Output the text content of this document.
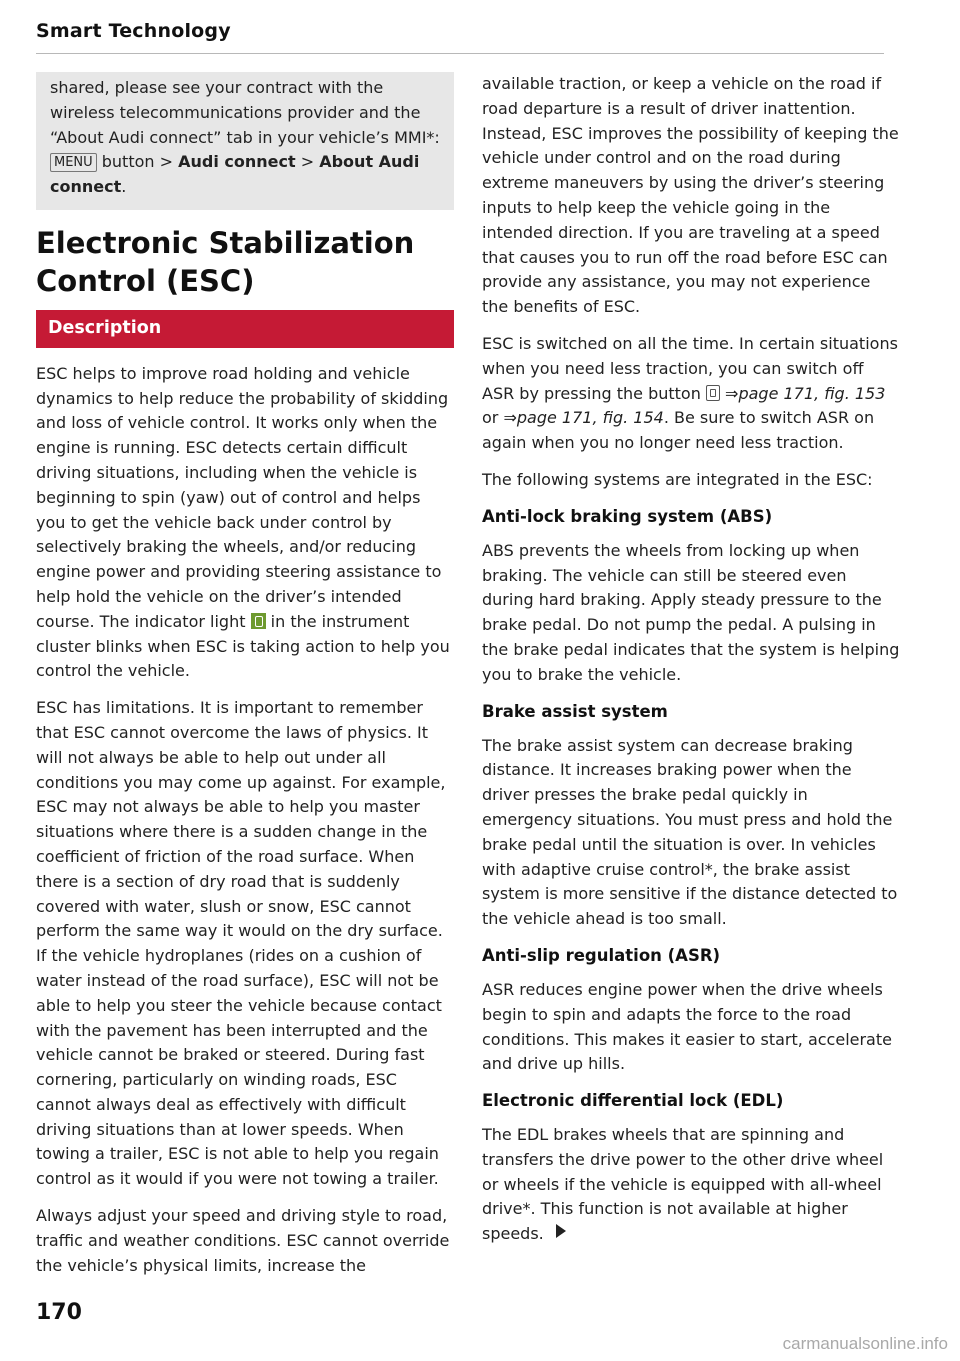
Smart Technology
shared, please see your contract with the wireless telecommunications provider and the “About Audi connect” tab in your vehicle’s MMI*: MENU button > Audi connect > About Audi connect.
Electronic Stabilization Control (ESC)
Description

ESC helps to improve road holding and vehicle dynamics to help reduce the probability of skidding and loss of vehicle control. It works only when the engine is running. ESC detects certain difficult driving situations, including when the vehicle is beginning to spin (yaw) out of control and helps you to get the vehicle back under control by selectively braking the wheels, and/or reducing engine power and providing steering assistance to help hold the vehicle on the driver’s intended course. The indicator light  in the instrument cluster blinks when ESC is taking action to help you control the vehicle.

ESC has limitations. It is important to remember that ESC cannot overcome the laws of physics. It will not always be able to help out under all conditions you may come up against. For example, ESC may not always be able to help you master situations where there is a sudden change in the coefficient of friction of the road surface. When there is a section of dry road that is suddenly covered with water, slush or snow, ESC cannot perform the same way it would on the dry surface. If the vehicle hydroplanes (rides on a cushion of water instead of the road surface), ESC will not be able to help you steer the vehicle because contact with the pavement has been interrupted and the vehicle cannot be braked or steered. During fast cornering, particularly on winding roads, ESC cannot always deal as effectively with difficult driving situations than at lower speeds. When towing a trailer, ESC is not able to help you regain control as it would if you were not towing a trailer.

Always adjust your speed and driving style to road, traffic and weather conditions. ESC cannot override the vehicle’s physical limits, increase the

available traction, or keep a vehicle on the road if road departure is a result of driver inattention. Instead, ESC improves the possibility of keeping the vehicle under control and on the road during extreme maneuvers by using the driver’s steering inputs to help keep the vehicle going in the intended direction. If you are traveling at a speed that causes you to run off the road before ESC can provide any assistance, you may not experience the benefits of ESC.

ESC is switched on all the time. In certain situations when you need less traction, you can switch off ASR by pressing the button  ⇒page 171, fig. 153 or ⇒page 171, fig. 154. Be sure to switch ASR on again when you no longer need less traction.

The following systems are integrated in the ESC:

Anti-lock braking system (ABS)

ABS prevents the wheels from locking up when braking. The vehicle can still be steered even during hard braking. Apply steady pressure to the brake pedal. Do not pump the pedal. A pulsing in the brake pedal indicates that the system is helping you to brake the vehicle.

Brake assist system

The brake assist system can decrease braking distance. It increases braking power when the driver presses the brake pedal quickly in emergency situations. You must press and hold the brake pedal until the situation is over. In vehicles with adaptive cruise control*, the brake assist system is more sensitive if the distance detected to the vehicle ahead is too small.

Anti-slip regulation (ASR)

ASR reduces engine power when the drive wheels begin to spin and adapts the force to the road conditions. This makes it easier to start, accelerate and drive up hills.

Electronic differential lock (EDL)

The EDL brakes wheels that are spinning and transfers the drive power to the other drive wheel or wheels if the vehicle is equipped with all-wheel drive*. This function is not available at higher speeds.

170
carmanualsonline.info
